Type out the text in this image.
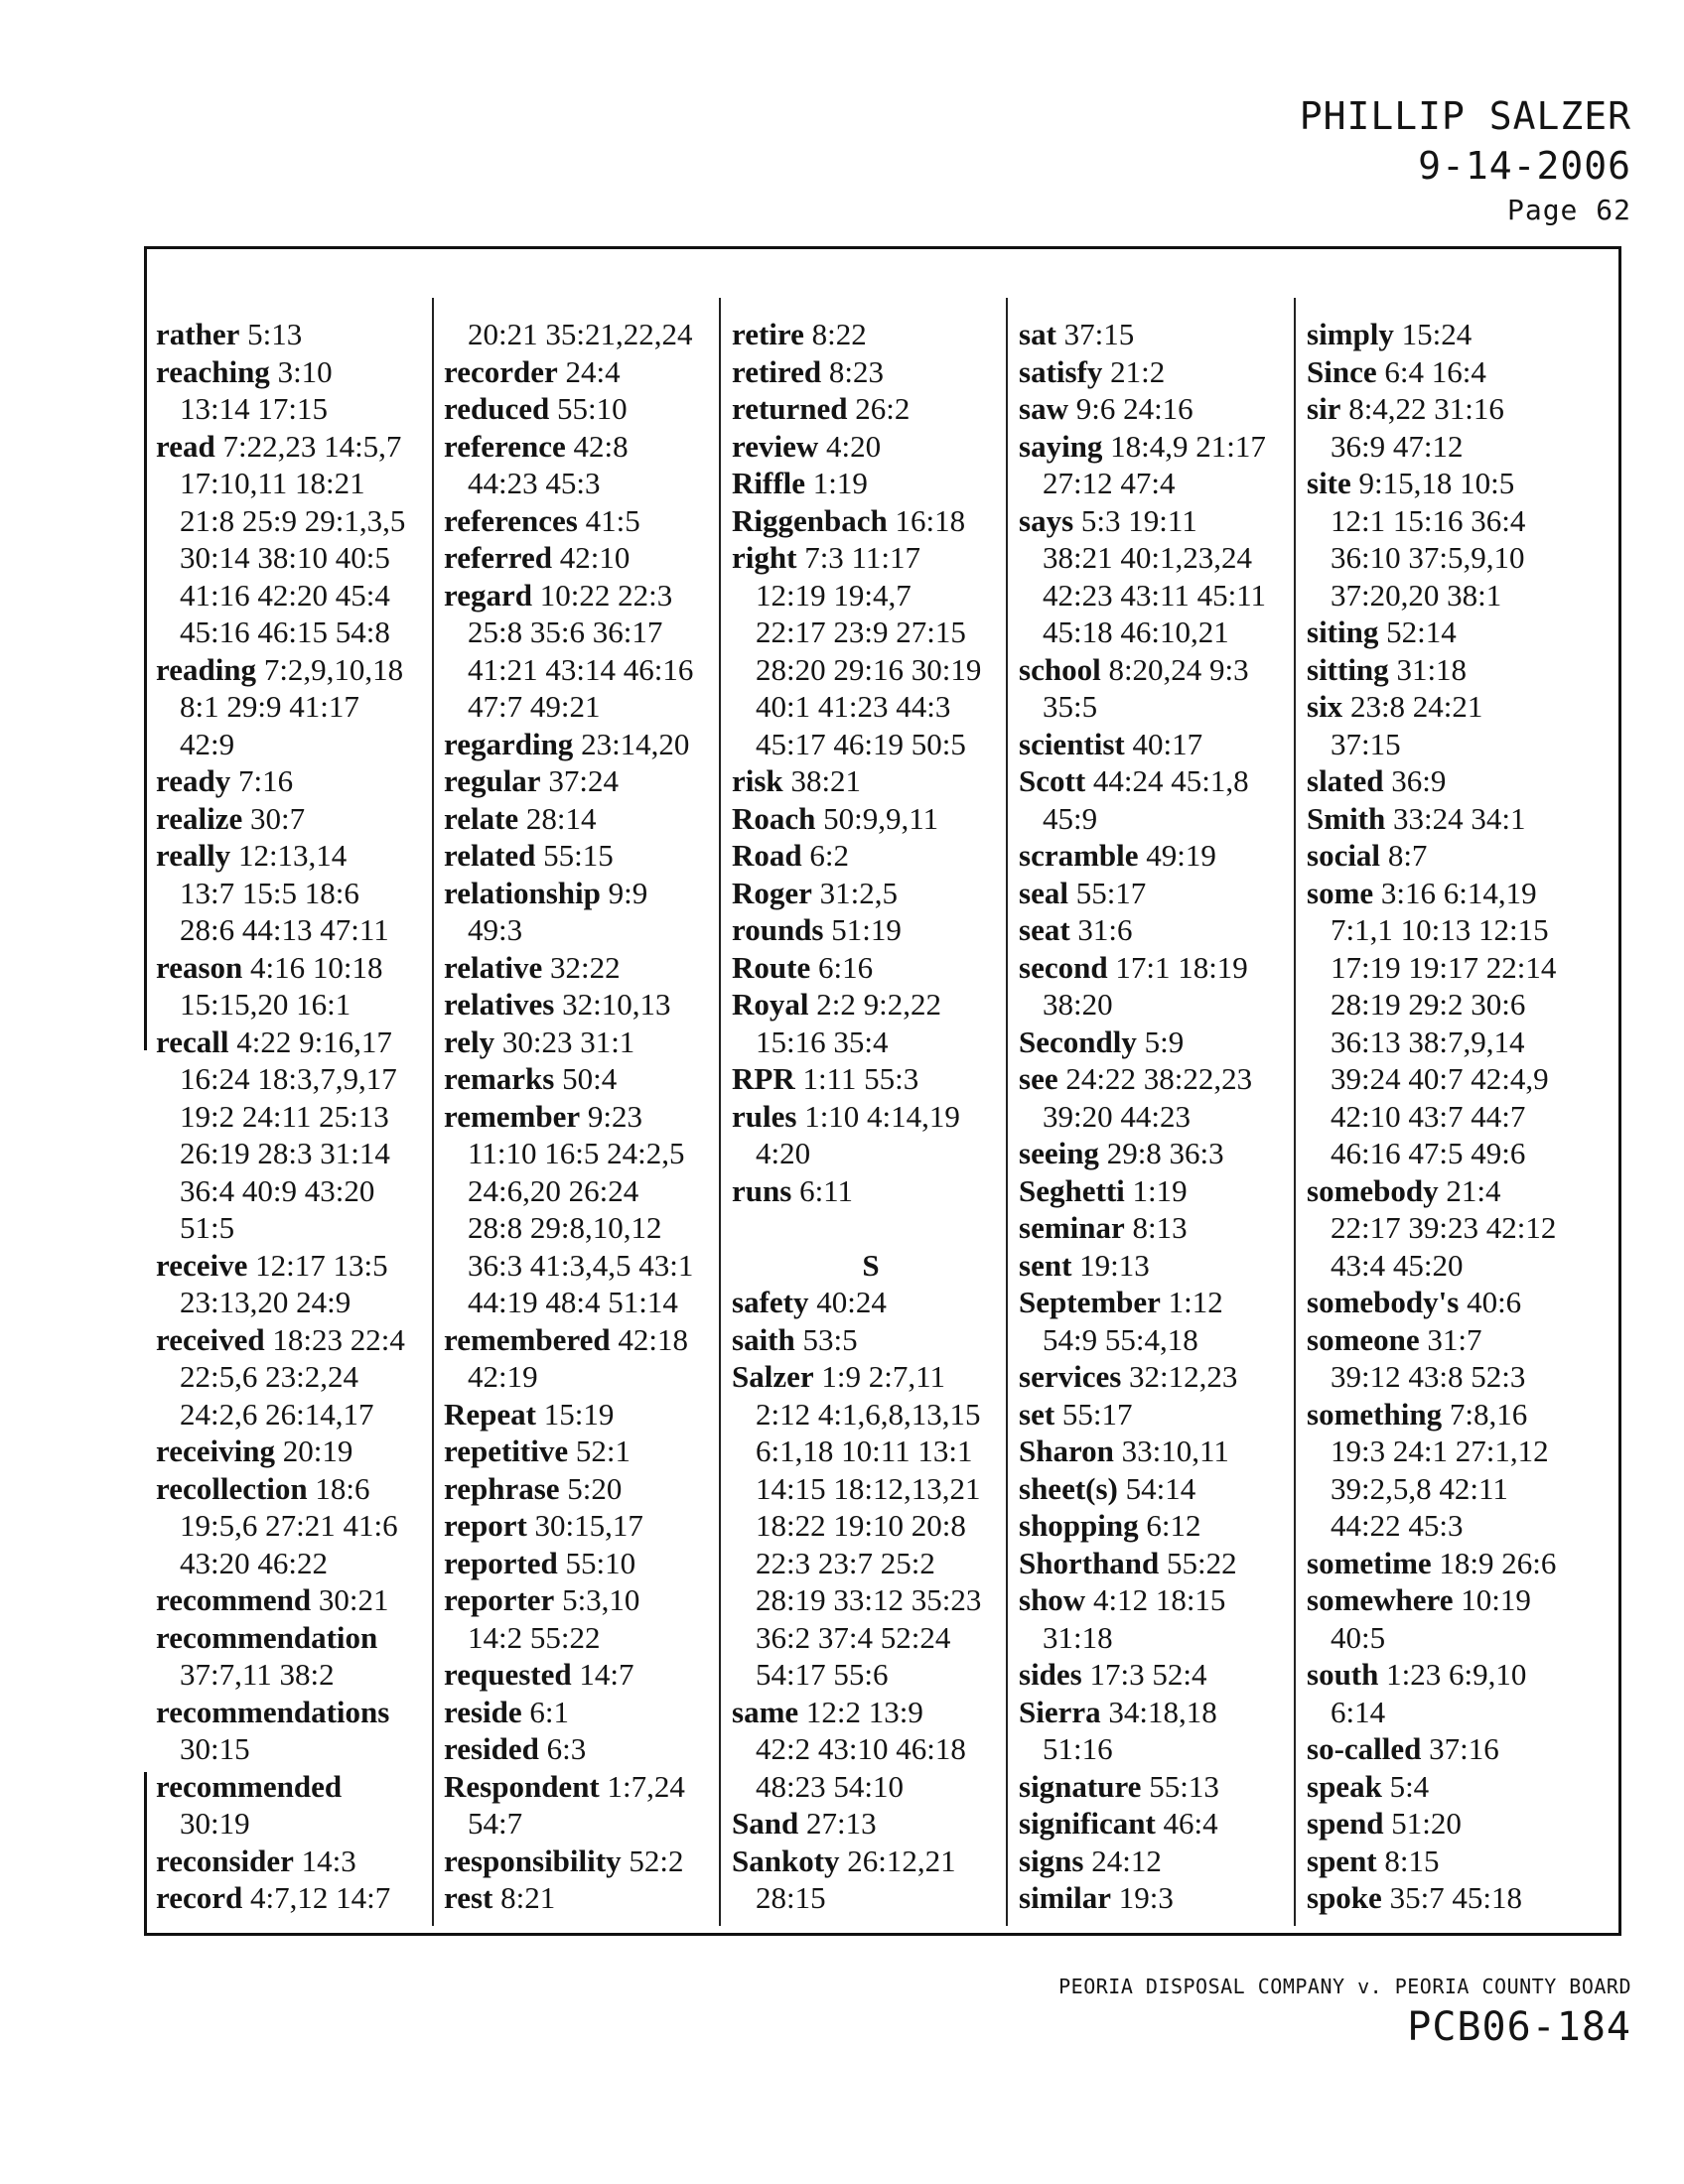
PHILLIP SALZER
9-14-2006
Page 62
rather 5:13
reaching 3:10
13:14 17:15
read 7:22,23 14:5,7
17:10,11 18:21
21:8 25:9 29:1,3,5
30:14 38:10 40:5
41:16 42:20 45:4
45:16 46:15 54:8
reading 7:2,9,10,18
8:1 29:9 41:17
42:9
ready 7:16
realize 30:7
really 12:13,14
13:7 15:5 18:6
28:6 44:13 47:11
reason 4:16 10:18
15:15,20 16:1
recall 4:22 9:16,17
16:24 18:3,7,9,17
19:2 24:11 25:13
26:19 28:3 31:14
36:4 40:9 43:20
51:5
receive 12:17 13:5
23:13,20 24:9
received 18:23 22:4
22:5,6 23:2,24
24:2,6 26:14,17
receiving 20:19
recollection 18:6
19:5,6 27:21 41:6
43:20 46:22
recommend 30:21
recommendation
37:7,11 38:2
recommendations
30:15
recommended
30:19
reconsider 14:3
record 4:7,12 14:7
20:21 35:21,22,24
recorder 24:4
reduced 55:10
reference 42:8
44:23 45:3
references 41:5
referred 42:10
regard 10:22 22:3
25:8 35:6 36:17
41:21 43:14 46:16
47:7 49:21
regarding 23:14,20
regular 37:24
relate 28:14
related 55:15
relationship 9:9
49:3
relative 32:22
relatives 32:10,13
rely 30:23 31:1
remarks 50:4
remember 9:23
11:10 16:5 24:2,5
24:6,20 26:24
28:8 29:8,10,12
36:3 41:3,4,5 43:1
44:19 48:4 51:14
remembered 42:18
42:19
Repeat 15:19
repetitive 52:1
rephrase 5:20
report 30:15,17
reported 55:10
reporter 5:3,10
14:2 55:22
requested 14:7
reside 6:1
resided 6:3
Respondent 1:7,24
54:7
responsibility 52:2
rest 8:21
retire 8:22
retired 8:23
returned 26:2
review 4:20
Riffle 1:19
Riggenbach 16:18
right 7:3 11:17
12:19 19:4,7
22:17 23:9 27:15
28:20 29:16 30:19
40:1 41:23 44:3
45:17 46:19 50:5
risk 38:21
Roach 50:9,9,11
Road 6:2
Roger 31:2,5
rounds 51:19
Route 6:16
Royal 2:2 9:2,22
15:16 35:4
RPR 1:11 55:3
rules 1:10 4:14,19
4:20
runs 6:11
S
safety 40:24
saith 53:5
Salzer 1:9 2:7,11
2:12 4:1,6,8,13,15
6:1,18 10:11 13:1
14:15 18:12,13,21
18:22 19:10 20:8
22:3 23:7 25:2
28:19 33:12 35:23
36:2 37:4 52:24
54:17 55:6
same 12:2 13:9
42:2 43:10 46:18
48:23 54:10
Sand 27:13
Sankoty 26:12,21
28:15
sat 37:15
satisfy 21:2
saw 9:6 24:16
saying 18:4,9 21:17
27:12 47:4
says 5:3 19:11
38:21 40:1,23,24
42:23 43:11 45:11
45:18 46:10,21
school 8:20,24 9:3
35:5
scientist 40:17
Scott 44:24 45:1,8
45:9
scramble 49:19
seal 55:17
seat 31:6
second 17:1 18:19
38:20
Secondly 5:9
see 24:22 38:22,23
39:20 44:23
seeing 29:8 36:3
Seghetti 1:19
seminar 8:13
sent 19:13
September 1:12
54:9 55:4,18
services 32:12,23
set 55:17
Sharon 33:10,11
sheet(s) 54:14
shopping 6:12
Shorthand 55:22
show 4:12 18:15
31:18
sides 17:3 52:4
Sierra 34:18,18
51:16
signature 55:13
significant 46:4
signs 24:12
similar 19:3
simply 15:24
Since 6:4 16:4
sir 8:4,22 31:16
36:9 47:12
site 9:15,18 10:5
12:1 15:16 36:4
36:10 37:5,9,10
37:20,20 38:1
siting 52:14
sitting 31:18
six 23:8 24:21
37:15
slated 36:9
Smith 33:24 34:1
social 8:7
some 3:16 6:14,19
7:1,1 10:13 12:15
17:19 19:17 22:14
28:19 29:2 30:6
36:13 38:7,9,14
39:24 40:7 42:4,9
42:10 43:7 44:7
46:16 47:5 49:6
somebody 21:4
22:17 39:23 42:12
43:4 45:20
somebody's 40:6
someone 31:7
39:12 43:8 52:3
something 7:8,16
19:3 24:1 27:1,12
39:2,5,8 42:11
44:22 45:3
sometime 18:9 26:6
somewhere 10:19
40:5
south 1:23 6:9,10
6:14
so-called 37:16
speak 5:4
spend 51:20
spent 8:15
spoke 35:7 45:18
PEORIA DISPOSAL COMPANY v. PEORIA COUNTY BOARD
PCB06-184
